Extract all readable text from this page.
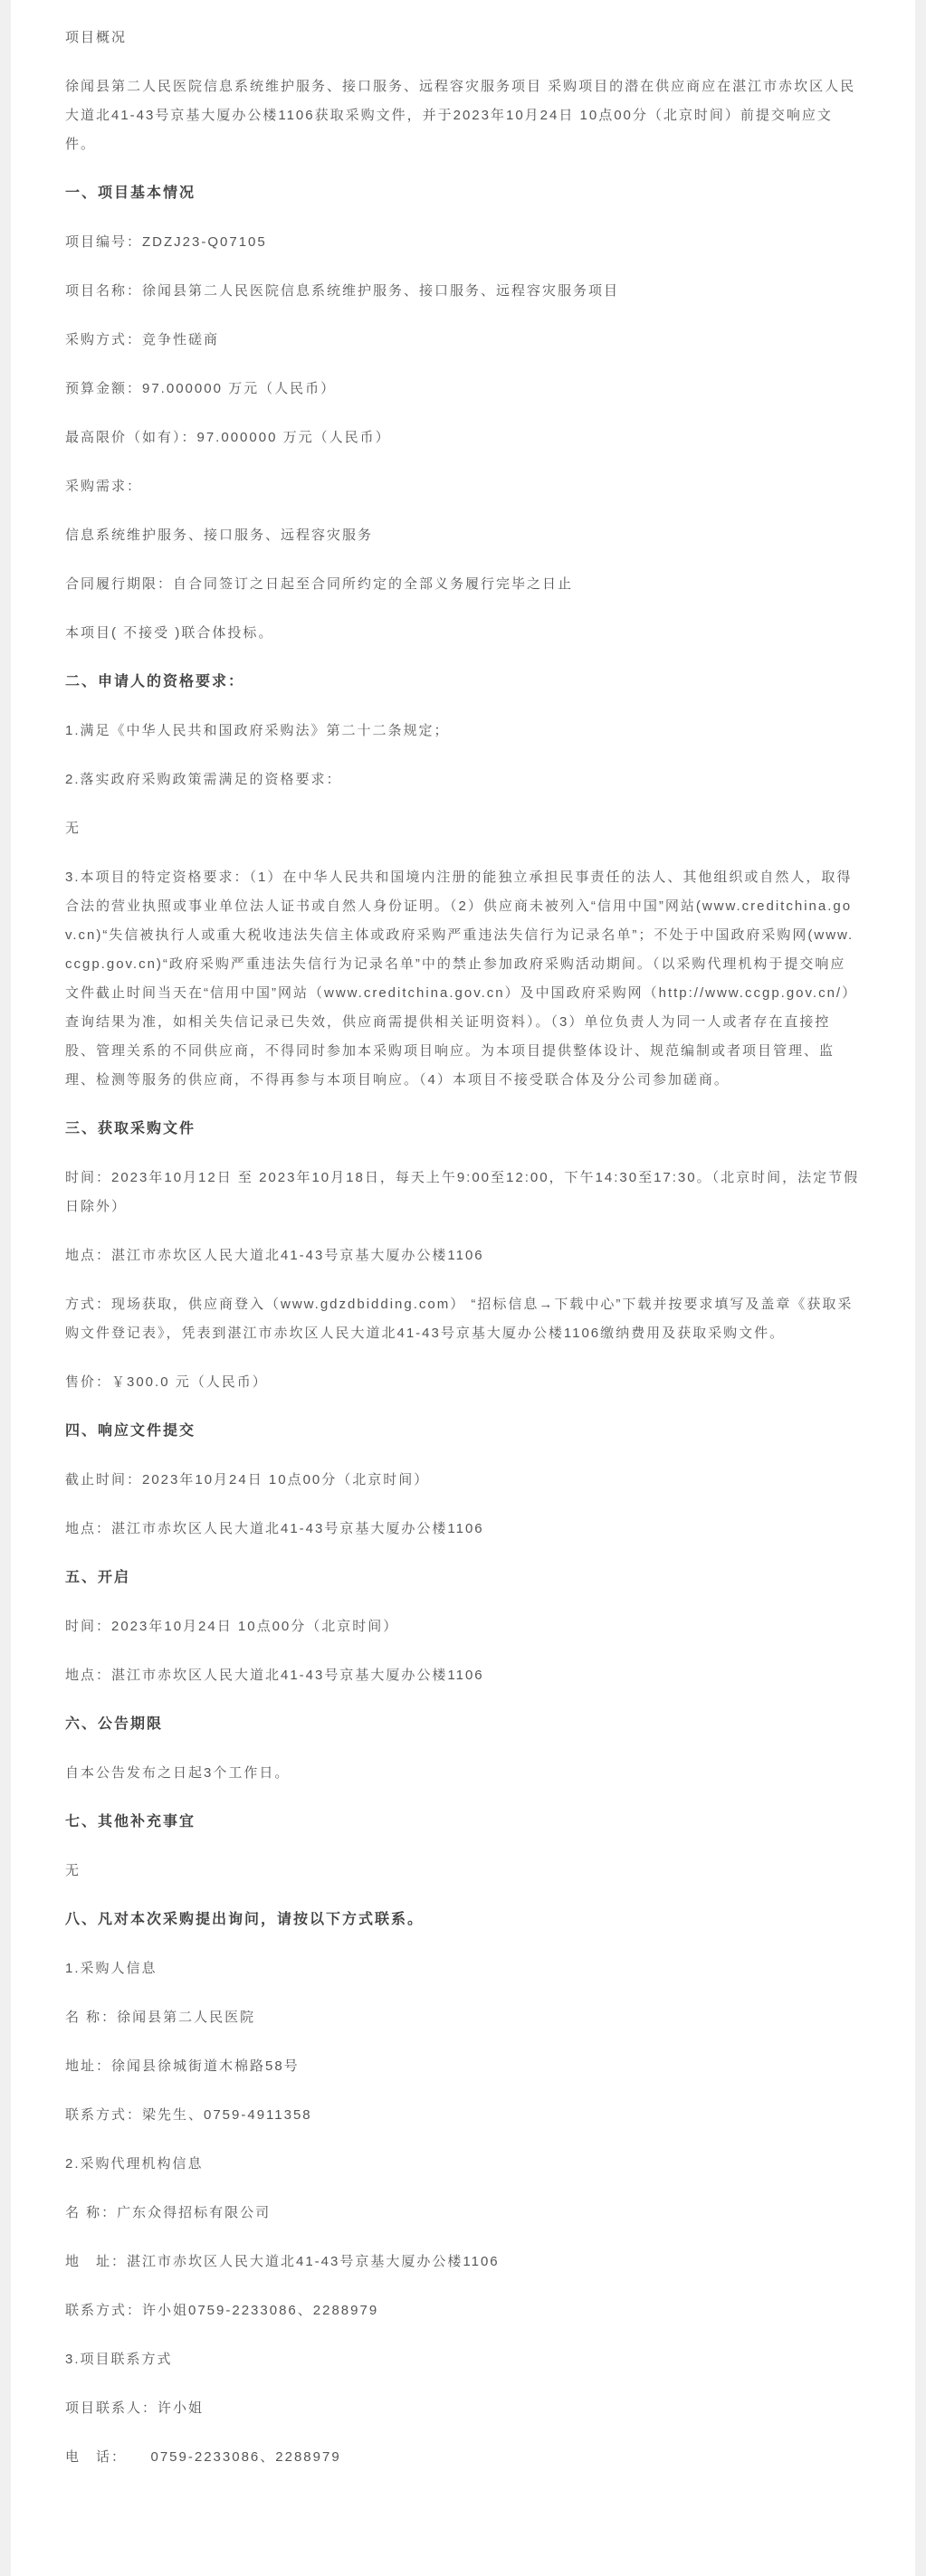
项目概况

徐闻县第二人民医院信息系统维护服务、接口服务、远程容灾服务项目 采购项目的潜在供应商应在湛江市赤坎区人民大道北41-43号京基大厦办公楼1106获取采购文件，并于2023年10月24日 10点00分（北京时间）前提交响应文件。

一、项目基本情况

项目编号：ZDZJ23-Q07105

项目名称：徐闻县第二人民医院信息系统维护服务、接口服务、远程容灾服务项目

采购方式：竞争性磋商

预算金额：97.000000 万元（人民币）

最高限价（如有）：97.000000 万元（人民币）

采购需求：

信息系统维护服务、接口服务、远程容灾服务

合同履行期限：自合同签订之日起至合同所约定的全部义务履行完毕之日止

本项目( 不接受 )联合体投标。

二、申请人的资格要求：

1.满足《中华人民共和国政府采购法》第二十二条规定；

2.落实政府采购政策需满足的资格要求：

无

3.本项目的特定资格要求：（1）在中华人民共和国境内注册的能独立承担民事责任的法人、其他组织或自然人，取得合法的营业执照或事业单位法人证书或自然人身份证明。（2）供应商未被列入“信用中国”网站(www.creditchina.gov.cn)“失信被执行人或重大税收违法失信主体或政府采购严重违法失信行为记录名单”；不处于中国政府采购网(www.ccgp.gov.cn)“政府采购严重违法失信行为记录名单”中的禁止参加政府采购活动期间。（以采购代理机构于提交响应文件截止时间当天在“信用中国”网站（www.creditchina.gov.cn）及中国政府采购网（http://www.ccgp.gov.cn/）查询结果为准，如相关失信记录已失效，供应商需提供相关证明资料）。（3）单位负责人为同一人或者存在直接控股、管理关系的不同供应商，不得同时参加本采购项目响应。为本项目提供整体设计、规范编制或者项目管理、监理、检测等服务的供应商，不得再参与本项目响应。（4）本项目不接受联合体及分公司参加磋商。

三、获取采购文件

时间：2023年10月12日 至 2023年10月18日，每天上午9:00至12:00，下午14:30至17:30。（北京时间，法定节假日除外）

地点：湛江市赤坎区人民大道北41-43号京基大厦办公楼1106

方式：现场获取，供应商登入（www.gdzdbidding.com） “招标信息→下载中心”下载并按要求填写及盖章《获取采购文件登记表》，凭表到湛江市赤坎区人民大道北41-43号京基大厦办公楼1106缴纳费用及获取采购文件。

售价：￥300.0 元（人民币）

四、响应文件提交

截止时间：2023年10月24日 10点00分（北京时间）

地点：湛江市赤坎区人民大道北41-43号京基大厦办公楼1106

五、开启

时间：2023年10月24日 10点00分（北京时间）

地点：湛江市赤坎区人民大道北41-43号京基大厦办公楼1106

六、公告期限

自本公告发布之日起3个工作日。

七、其他补充事宜

无

八、凡对本次采购提出询问，请按以下方式联系。

1.采购人信息

名 称：徐闻县第二人民医院

地址：徐闻县徐城街道木棉路58号

联系方式：梁先生、0759-4911358

2.采购代理机构信息

名 称：广东众得招标有限公司

地　址：湛江市赤坎区人民大道北41-43号京基大厦办公楼1106

联系方式：许小姐0759-2233086、2288979

3.项目联系方式

项目联系人：许小姐

电　话：　　0759-2233086、2288979
